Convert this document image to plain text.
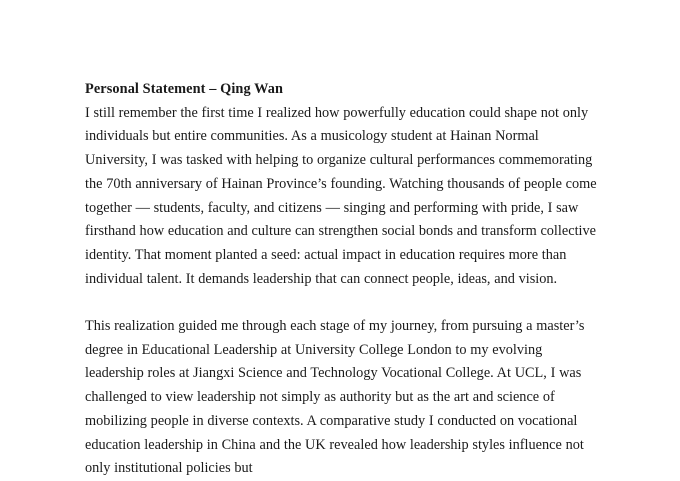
Personal Statement – Qing Wan

I still remember the first time I realized how powerfully education could shape not only individuals but entire communities. As a musicology student at Hainan Normal University, I was tasked with helping to organize cultural performances commemorating the 70th anniversary of Hainan Province’s founding. Watching thousands of people come together — students, faculty, and citizens — singing and performing with pride, I saw firsthand how education and culture can strengthen social bonds and transform collective identity. That moment planted a seed: actual impact in education requires more than individual talent. It demands leadership that can connect people, ideas, and vision.

This realization guided me through each stage of my journey, from pursuing a master’s degree in Educational Leadership at University College London to my evolving leadership roles at Jiangxi Science and Technology Vocational College. At UCL, I was challenged to view leadership not simply as authority but as the art and science of mobilizing people in diverse contexts. A comparative study I conducted on vocational education leadership in China and the UK revealed how leadership styles influence not only institutional policies but
